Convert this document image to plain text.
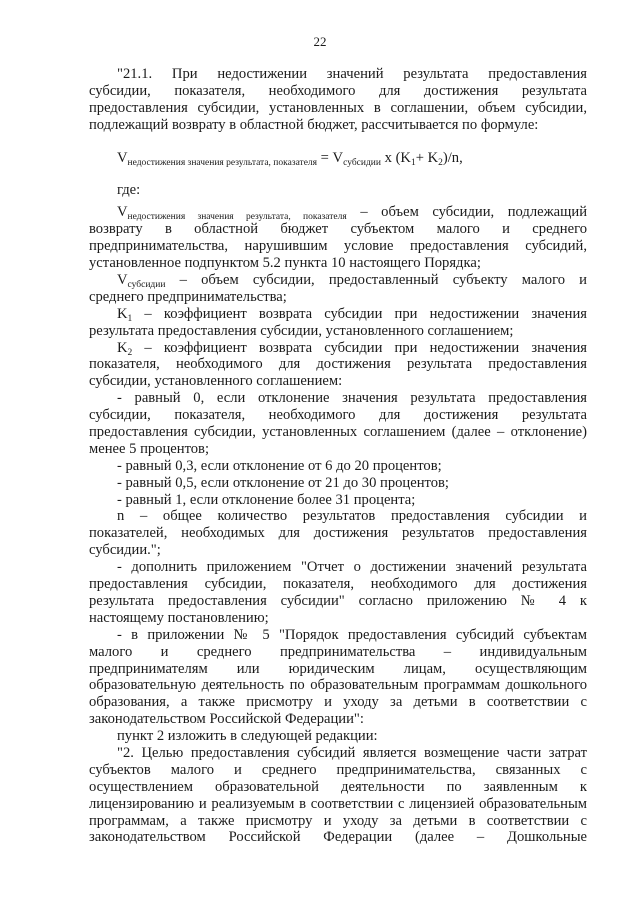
22
"21.1. При недостижении значений результата предоставления
субсидии, показателя, необходимого для достижения результата
предоставления субсидии, установленных в соглашении, объем субсидии,
подлежащий возврату в областной бюджет, рассчитывается по формуле:
$V_{недостижения значения результата, показателя} = V_{субсидии}$ x $(K_1+ K_2)/n$,
где:
$V_{недостижения значения результата, показателя}$ – объем субсидии, подлежащий
возврату в областной бюджет субъектом малого и среднего
предпринимательства, нарушившим условие предоставления субсидий,
установленное подпунктом 5.2 пункта 10 настоящего Порядка;
$V_{субсидии}$ – объем субсидии, предоставленный субъекту малого и
среднего предпринимательства;
$K_1$ – коэффициент возврата субсидии при недостижении значения
результата предоставления субсидии, установленного соглашением;
$K_2$ – коэффициент возврата субсидии при недостижении значения
показателя, необходимого для достижения результата предоставления
субсидии, установленного соглашением:
- равный 0, если отклонение значения результата предоставления
субсидии, показателя, необходимого для достижения результата
предоставления субсидии, установленных соглашением (далее – отклонение)
менее 5 процентов;
- равный 0,3, если отклонение от 6 до 20 процентов;
- равный 0,5, если отклонение от 21 до 30 процентов;
- равный 1, если отклонение более 31 процента;
n – общее количество результатов предоставления субсидии и
показателей, необходимых для достижения результатов предоставления
субсидии.";
- дополнить приложением "Отчет о достижении значений результата
предоставления субсидии, показателя, необходимого для достижения
результата предоставления субсидии" согласно приложению № 4 к
настоящему постановлению;
- в приложении № 5 "Порядок предоставления субсидий субъектам
малого и среднего предпринимательства – индивидуальным
предпринимателям или юридическим лицам, осуществляющим
образовательную деятельность по образовательным программам дошкольного
образования, а также присмотру и уходу за детьми в соответствии с
законодательством Российской Федерации":
пункт 2 изложить в следующей редакции:
"2. Целью предоставления субсидий является возмещение части затрат
субъектов малого и среднего предпринимательства, связанных с
осуществлением образовательной деятельности по заявленным к
лицензированию и реализуемым в соответствии с лицензией образовательным
программам, а также присмотру и уходу за детьми в соответствии с
законодательством Российской Федерации (далее – Дошкольные
